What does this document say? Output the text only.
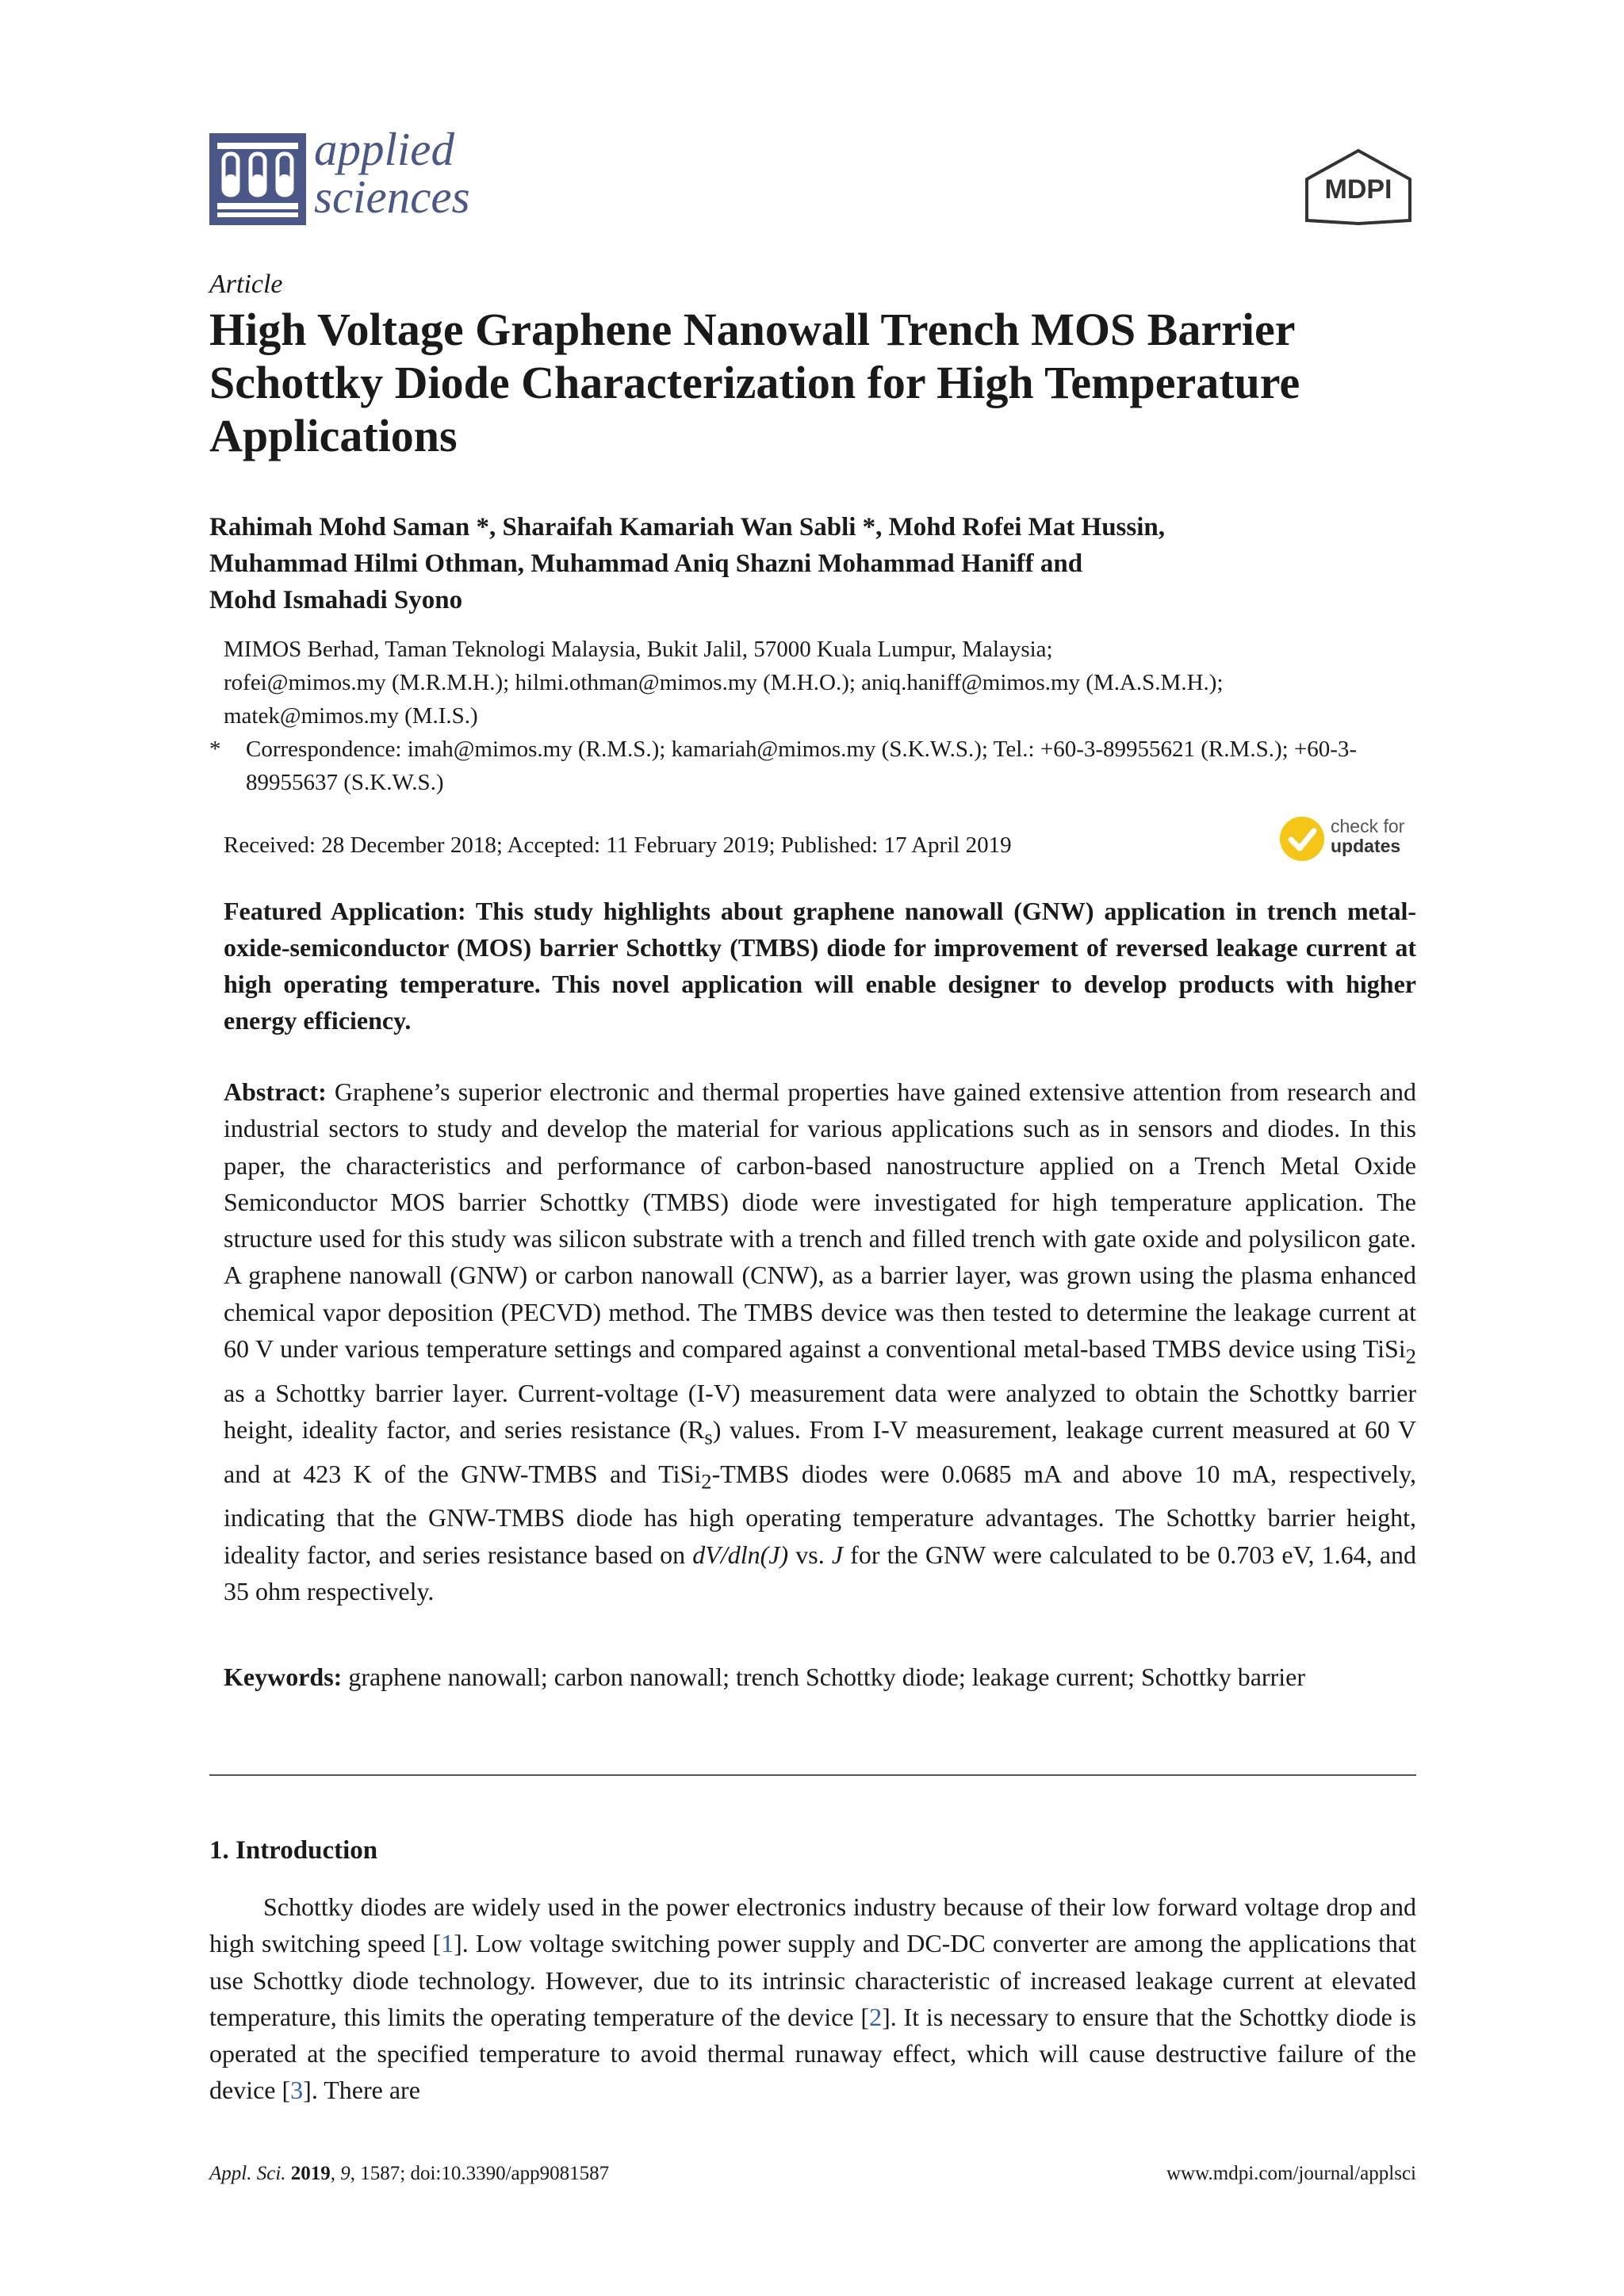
applied
sciences	MDPI
Article
High Voltage Graphene Nanowall Trench MOS Barrier Schottky Diode Characterization for High Temperature Applications
Rahimah Mohd Saman *, Sharaifah Kamariah Wan Sabli *, Mohd Rofei Mat Hussin,
Muhammad Hilmi Othman, Muhammad Aniq Shazni Mohammad Haniff and
Mohd Ismahadi Syono
MIMOS Berhad, Taman Teknologi Malaysia, Bukit Jalil, 57000 Kuala Lumpur, Malaysia;
rofei@mimos.my (M.R.M.H.); hilmi.othman@mimos.my (M.H.O.); aniq.haniff@mimos.my (M.A.S.M.H.);
matek@mimos.my (M.I.S.)
*	Correspondence: imah@mimos.my (R.M.S.); kamariah@mimos.my (S.K.W.S.); Tel.: +60-3-89955621 (R.M.S.); +60-3-89955637 (S.K.W.S.)
Received: 28 December 2018; Accepted: 11 February 2019; Published: 17 April 2019
check for
updates
Featured Application: This study highlights about graphene nanowall (GNW) application in trench metal-oxide-semiconductor (MOS) barrier Schottky (TMBS) diode for improvement of reversed leakage current at high operating temperature. This novel application will enable designer to develop products with higher energy efficiency.
Abstract: Graphene’s superior electronic and thermal properties have gained extensive attention from research and industrial sectors to study and develop the material for various applications such as in sensors and diodes. In this paper, the characteristics and performance of carbon-based nanostructure applied on a Trench Metal Oxide Semiconductor MOS barrier Schottky (TMBS) diode were investigated for high temperature application. The structure used for this study was silicon substrate with a trench and filled trench with gate oxide and polysilicon gate. A graphene nanowall (GNW) or carbon nanowall (CNW), as a barrier layer, was grown using the plasma enhanced chemical vapor deposition (PECVD) method. The TMBS device was then tested to determine the leakage current at 60 V under various temperature settings and compared against a conventional metal-based TMBS device using TiSi$_2$ as a Schottky barrier layer. Current-voltage (I-V) measurement data were analyzed to obtain the Schottky barrier height, ideality factor, and series resistance $(R_s)$ values. From I-V measurement, leakage current measured at 60 V and at 423 K of the GNW-TMBS and TiSi$_2$-TMBS diodes were 0.0685 mA and above 10 mA, respectively, indicating that the GNW-TMBS diode has high operating temperature advantages. The Schottky barrier height, ideality factor, and series resistance based on dV/dln(J) vs. J for the GNW were calculated to be 0.703 eV, 1.64, and 35 ohm respectively.
Keywords: graphene nanowall; carbon nanowall; trench Schottky diode; leakage current; Schottky barrier
1. Introduction
Schottky diodes are widely used in the power electronics industry because of their low forward voltage drop and high switching speed [1]. Low voltage switching power supply and DC-DC converter are among the applications that use Schottky diode technology. However, due to its intrinsic characteristic of increased leakage current at elevated temperature, this limits the operating temperature of the device [2]. It is necessary to ensure that the Schottky diode is operated at the specified temperature to avoid thermal runaway effect, which will cause destructive failure of the device [3]. There are
Appl. Sci. 2019, 9, 1587; doi:10.3390/app9081587	www.mdpi.com/journal/applsci
